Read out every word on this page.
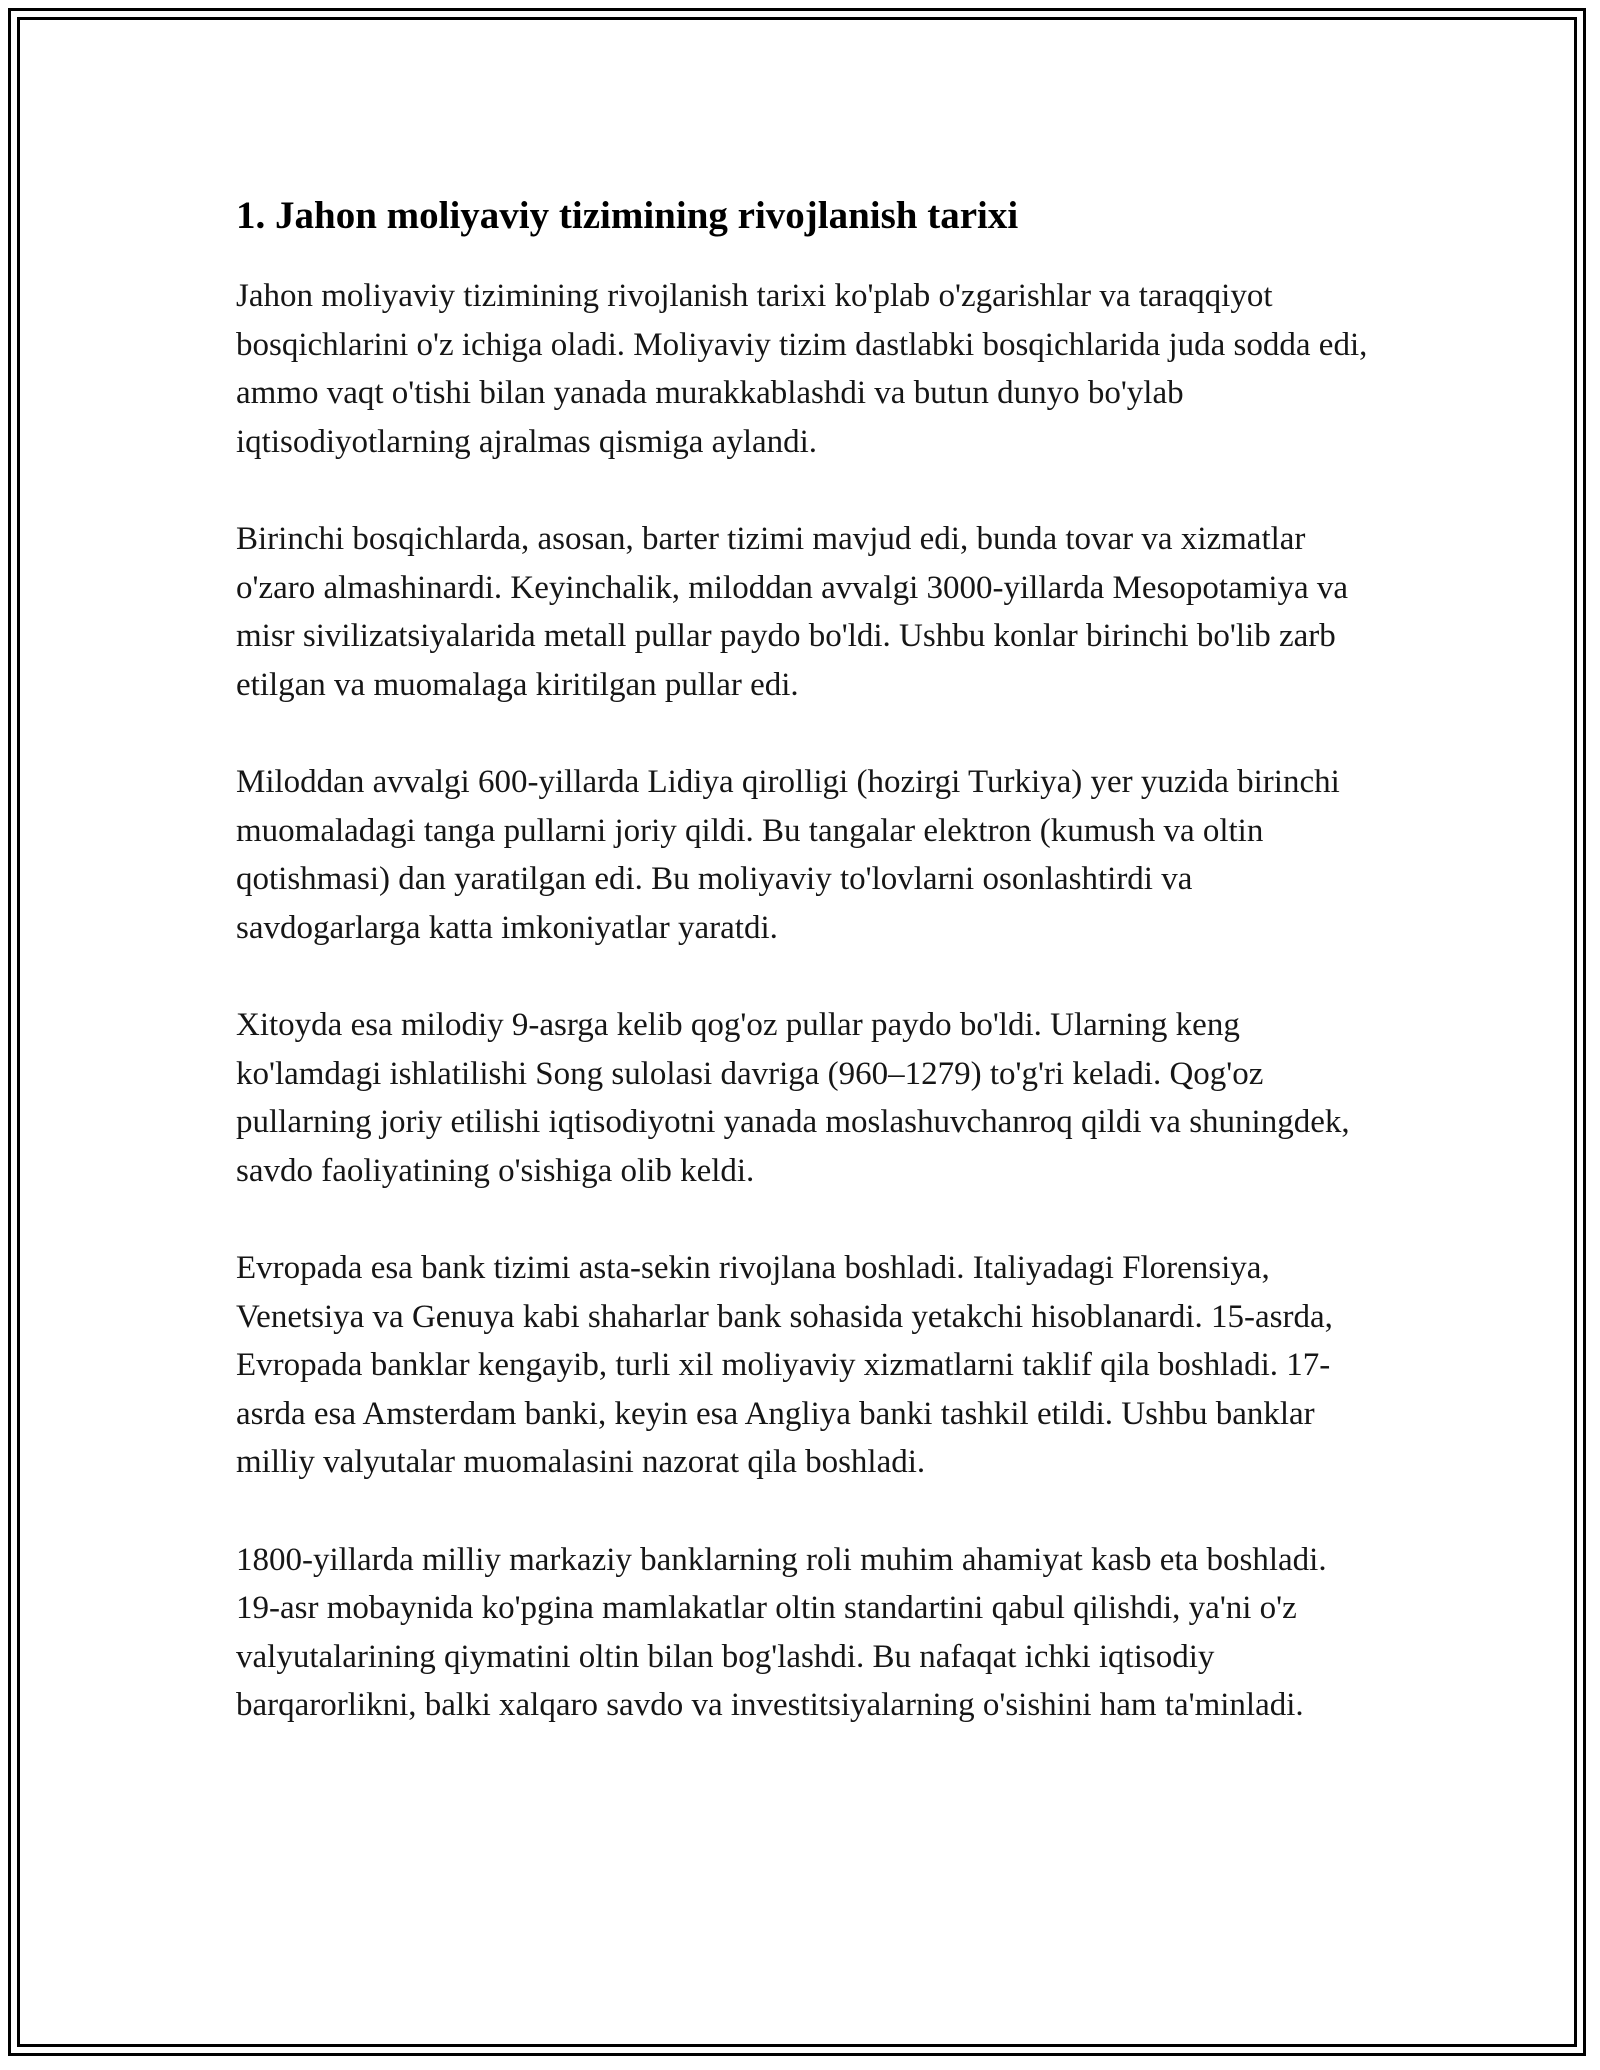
1. Jahon moliyaviy tizimining rivojlanish tarixi

Jahon moliyaviy tizimining rivojlanish tarixi ko'plab o'zgarishlar va taraqqiyot bosqichlarini o'z ichiga oladi. Moliyaviy tizim dastlabki bosqichlarida juda sodda edi, ammo vaqt o'tishi bilan yanada murakkablashdi va butun dunyo bo'ylab iqtisodiyotlarning ajralmas qismiga aylandi.

Birinchi bosqichlarda, asosan, barter tizimi mavjud edi, bunda tovar va xizmatlar o'zaro almashinardi. Keyinchalik, miloddan avvalgi 3000-yillarda Mesopotamiya va misr sivilizatsiyalarida metall pullar paydo bo'ldi. Ushbu konlar birinchi bo'lib zarb etilgan va muomalaga kiritilgan pullar edi.

Miloddan avvalgi 600-yillarda Lidiya qirolligi (hozirgi Turkiya) yer yuzida birinchi muomaladagi tanga pullarni joriy qildi. Bu tangalar elektron (kumush va oltin qotishmasi) dan yaratilgan edi. Bu moliyaviy to'lovlarni osonlashtirdi va savdogarlarga katta imkoniyatlar yaratdi.

Xitoyda esa milodiy 9-asrga kelib qog'oz pullar paydo bo'ldi. Ularning keng ko'lamdagi ishlatilishi Song sulolasi davriga (960–1279) to'g'ri keladi. Qog'oz pullarning joriy etilishi iqtisodiyotni yanada moslashuvchanroq qildi va shuningdek, savdo faoliyatining o'sishiga olib keldi.

Evropada esa bank tizimi asta-sekin rivojlana boshladi. Italiyadagi Florensiya, Venetsiya va Genuya kabi shaharlar bank sohasida yetakchi hisoblanardi. 15-asrda, Evropada banklar kengayib, turli xil moliyaviy xizmatlarni taklif qila boshladi. 17-asrda esa Amsterdam banki, keyin esa Angliya banki tashkil etildi. Ushbu banklar milliy valyutalar muomalasini nazorat qila boshladi.

1800-yillarda milliy markaziy banklarning roli muhim ahamiyat kasb eta boshladi. 19-asr mobaynida ko'pgina mamlakatlar oltin standartini qabul qilishdi, ya'ni o'z valyutalarining qiymatini oltin bilan bog'lashdi. Bu nafaqat ichki iqtisodiy barqarorlikni, balki xalqaro savdo va investitsiyalarning o'sishini ham ta'minladi.
